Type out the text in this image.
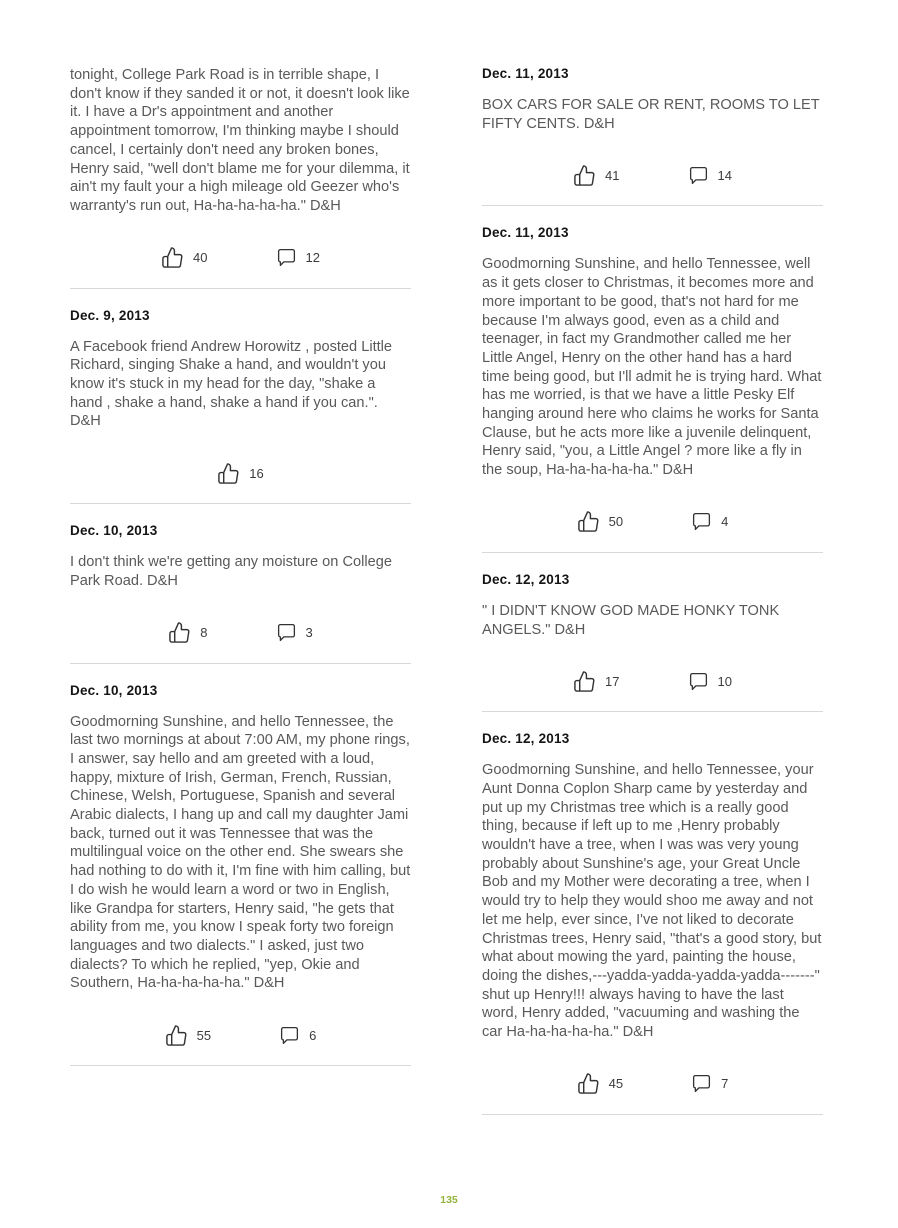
tonight, College Park Road is in terrible shape, I don't know if they sanded it or not, it doesn't look like it. I have a Dr's appointment and another appointment tomorrow, I'm thinking maybe I should cancel, I certainly don't need any broken bones, Henry said, "well don't blame me for your dilemma, it ain't my fault your a high mileage old Geezer who's warranty's run out, Ha-ha-ha-ha-ha." D&H

40	12
Dec. 9, 2013

A Facebook friend Andrew Horowitz , posted Little Richard, singing Shake a hand, and wouldn't you know it's stuck in my head for the day, "shake a hand , shake a hand, shake a hand if you can.". D&H

16
Dec. 10, 2013

I don't think we're getting any moisture on College Park Road. D&H

8	3
Dec. 10, 2013

Goodmorning Sunshine, and hello Tennessee, the last two mornings at about 7:00 AM, my phone rings, I answer, say hello and am greeted with a loud, happy, mixture of Irish, German, French, Russian, Chinese, Welsh, Portuguese, Spanish and several Arabic dialects, I hang up and call my daughter Jami back, turned out it was Tennessee that was the multilingual voice on the other end. She swears she had nothing to do with it, I'm fine with him calling, but I do wish he would learn a word or two in English, like Grandpa for starters, Henry said, "he gets that ability from me, you know I speak forty two foreign languages and two dialects." I asked, just two dialects? To which he replied, "yep, Okie and Southern, Ha-ha-ha-ha-ha." D&H

55	6
Dec. 11, 2013

BOX CARS FOR SALE OR RENT, ROOMS TO LET FIFTY CENTS. D&H

41	14
Dec. 11, 2013

Goodmorning Sunshine, and hello Tennessee, well as it gets closer to Christmas, it becomes more and more important to be good, that's not hard for me because I'm always good, even as a child and teenager, in fact my Grandmother called me her Little Angel, Henry on the other hand has a hard time being good, but I'll admit he is trying hard. What has me worried, is that we have a little Pesky Elf hanging around here who claims he works for Santa Clause, but he acts more like a juvenile delinquent, Henry said, "you, a Little Angel ? more like a fly in the soup, Ha-ha-ha-ha-ha." D&H

50	4
Dec. 12, 2013

" I DIDN'T KNOW GOD MADE HONKY TONK ANGELS." D&H

17	10
Dec. 12, 2013

Goodmorning Sunshine, and hello Tennessee, your Aunt Donna Coplon Sharp came by yesterday and put up my Christmas tree which is a really good thing, because if left up to me ,Henry probably wouldn't have a tree, when I was was very young probably about Sunshine's age, your Great Uncle Bob and my Mother were decorating a tree, when I would try to help they would shoo me away and not let me help, ever since, I've not liked to decorate Christmas trees, Henry said, "that's a good story, but what about mowing the yard, painting the house, doing the dishes,---yadda-yadda-yadda-yadda-------" shut up Henry!!! always having to have the last word, Henry added, "vacuuming and washing the car Ha-ha-ha-ha-ha." D&H

45	7
135
